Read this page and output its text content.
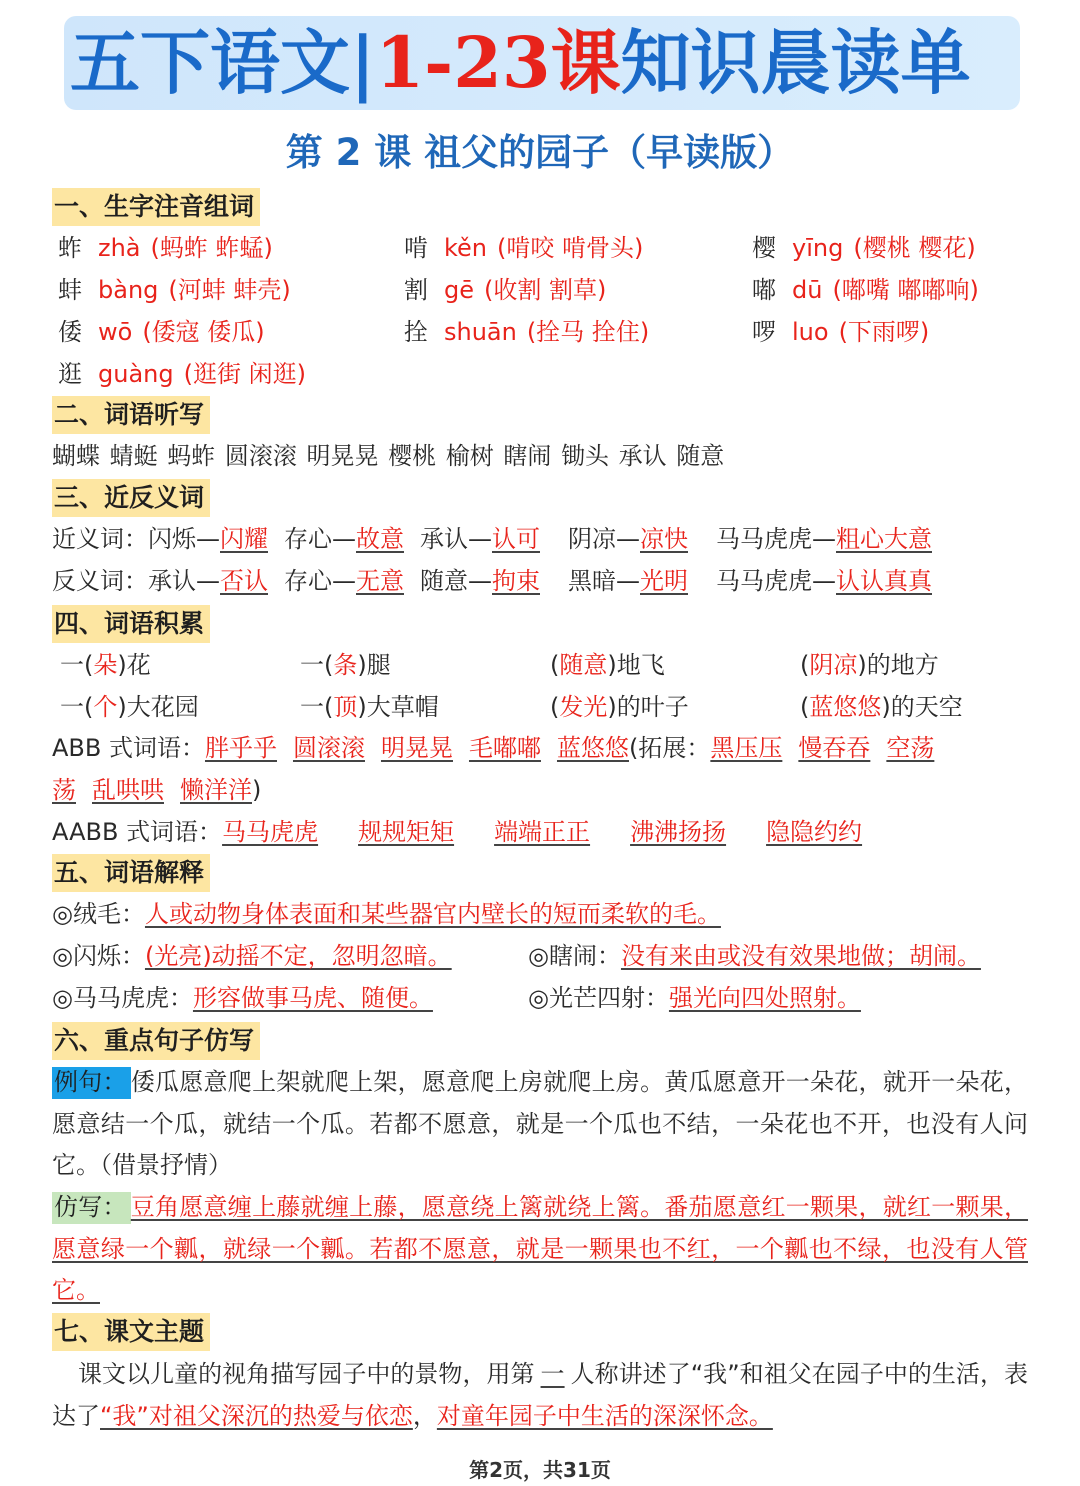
五下语文|1-23课知识晨读单
第 2 课 祖父的园子（早读版）
一、生字注音组词
蚱 zhà (蚂蚱 蚱蜢)	啃 kěn (啃咬 啃骨头)	樱 yīng (樱桃 樱花)
蚌 bàng (河蚌 蚌壳)	割 gē (收割 割草)	嘟 dū (嘟嘴 嘟嘟响)
倭 wō (倭寇 倭瓜)	拴 shuān (拴马 拴住)	啰 luo (下雨啰)
逛 guàng (逛街 闲逛)
二、词语听写
蝴蝶 蜻蜓 蚂蚱 圆滚滚 明晃晃 樱桃 榆树 瞎闹 锄头 承认 随意
三、近反义词
近义词：闪烁—闪耀 存心—故意 承认—认可 阴凉—凉快 马马虎虎—粗心大意
反义词：承认—否认 存心—无意 随意—拘束 黑暗—光明 马马虎虎—认认真真
四、词语积累
一(朵)花	一(条)腿	(随意)地飞	(阴凉)的地方
一(个)大花园	一(顶)大草帽	(发光)的叶子	(蓝悠悠)的天空
ABB 式词语：胖乎乎 圆滚滚 明晃晃 毛嘟嘟 蓝悠悠(拓展：黑压压 慢吞吞 空荡
荡 乱哄哄 懒洋洋)
AABB 式词语：马马虎虎 规规矩矩 端端正正 沸沸扬扬 隐隐约约
五、词语解释
◎绒毛：人或动物身体表面和某些器官内壁长的短而柔软的毛。
◎闪烁：(光亮)动摇不定，忽明忽暗。	◎瞎闹：没有来由或没有效果地做；胡闹。
◎马马虎虎：形容做事马虎、随便。	◎光芒四射：强光向四处照射。
六、重点句子仿写
例句： 倭瓜愿意爬上架就爬上架，愿意爬上房就爬上房。黄瓜愿意开一朵花，就开一朵花，愿意结一个瓜，就结一个瓜。若都不愿意，就是一个瓜也不结，一朵花也不开，也没有人问它。（借景抒情）
仿写： 豆角愿意缠上藤就缠上藤，愿意绕上篱就绕上篱。番茄愿意红一颗果，就红一颗果，愿意绿一个瓤，就绿一个瓤。若都不愿意，就是一颗果也不红，一个瓤也不绿，也没有人管它。
七、课文主题
课文以儿童的视角描写园子中的景物，用第 一 人称讲述了“我”和祖父在园子中的生活，表达了“我”对祖父深沉的热爱与依恋，对童年园子中生活的深深怀念。
第2页，共31页
